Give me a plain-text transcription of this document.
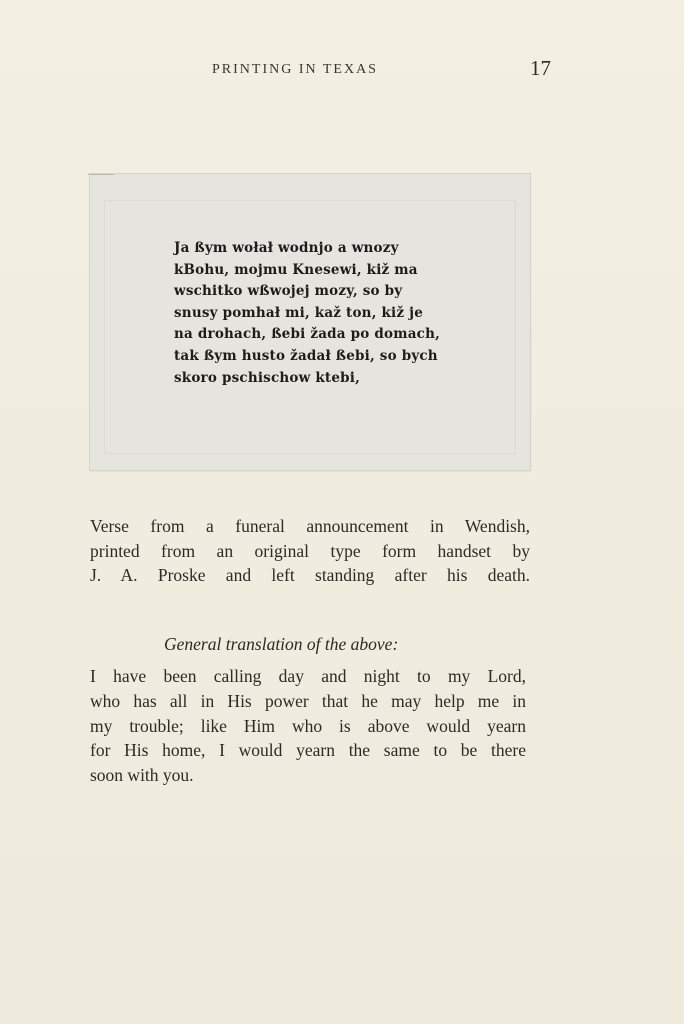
PRINTING IN TEXAS	17
Ja ßym wołał wodnjo a wnozy
kBohu, mojmu Knesewi, kiž ma
wschitko wßwojej mozy, so by
snusy pomhał mi, kaž ton, kiž je
na drohach, ßebi žada po domach,
tak ßym husto žadał ßebi, so bych
skoro pschischow ktebi,
Verse from a funeral announcement in Wendish,
printed from an original type form handset by
J. A. Proske and left standing after his death.
General translation of the above:
I have been calling day and night to my Lord,
who has all in His power that he may help me in
my trouble; like Him who is above would yearn
for His home, I would yearn the same to be there
soon with you.
